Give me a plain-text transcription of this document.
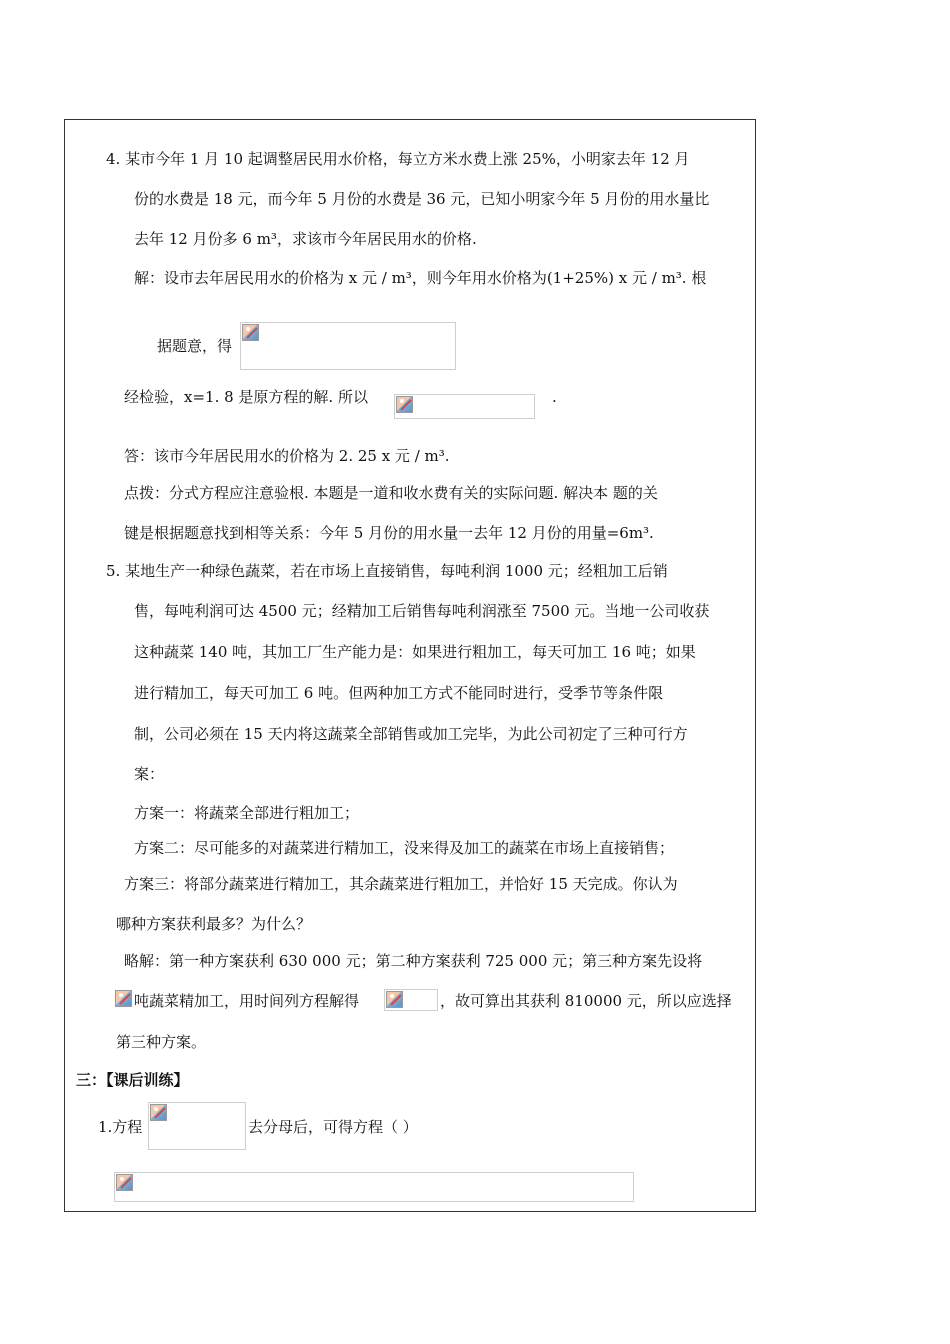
4. 某市今年 1 月 10 起调整居民用水价格，每立方米水费上涨 25%，小明家去年 12 月
份的水费是 18 元，而今年 5 月份的水费是 36 元，已知小明家今年 5 月份的用水量比
去年 12 月份多 6 m³，求该市今年居民用水的价格.
解：设市去年居民用水的价格为 x 元 / m³，则今年用水价格为(1+25%) x 元 / m³. 根
据题意，得
经检验，x=1. 8 是原方程的解. 所以	.
答：该市今年居民用水的价格为 2. 25 x 元 / m³.
点拨：分式方程应注意验根. 本题是一道和收水费有关的实际问题. 解决本 题的关
键是根据题意找到相等关系：今年 5 月份的用水量一去年 12 月份的用量=6m³.
5. 某地生产一种绿色蔬菜，若在市场上直接销售，每吨利润 1000 元；经粗加工后销
售，每吨利润可达 4500 元；经精加工后销售每吨利润涨至 7500 元。当地一公司收获
这种蔬菜 140 吨，其加工厂生产能力是：如果进行粗加工，每天可加工 16 吨；如果
进行精加工，每天可加工 6 吨。但两种加工方式不能同时进行，受季节等条件限
制，公司必须在 15 天内将这蔬菜全部销售或加工完毕，为此公司初定了三种可行方
案：
方案一：将蔬菜全部进行粗加工；
方案二：尽可能多的对蔬菜进行精加工，没来得及加工的蔬菜在市场上直接销售；
方案三：将部分蔬菜进行精加工，其余蔬菜进行粗加工，并恰好 15 天完成。你认为
哪种方案获利最多？为什么？
略解：第一种方案获利 630 000 元；第二种方案获利 725 000 元；第三种方案先设将
吨蔬菜精加工，用时间列方程解得	，故可算出其获利 810000 元，所以应选择
第三种方案。
三：【课后训练】
1.方程	去分母后，可得方程（ ）
